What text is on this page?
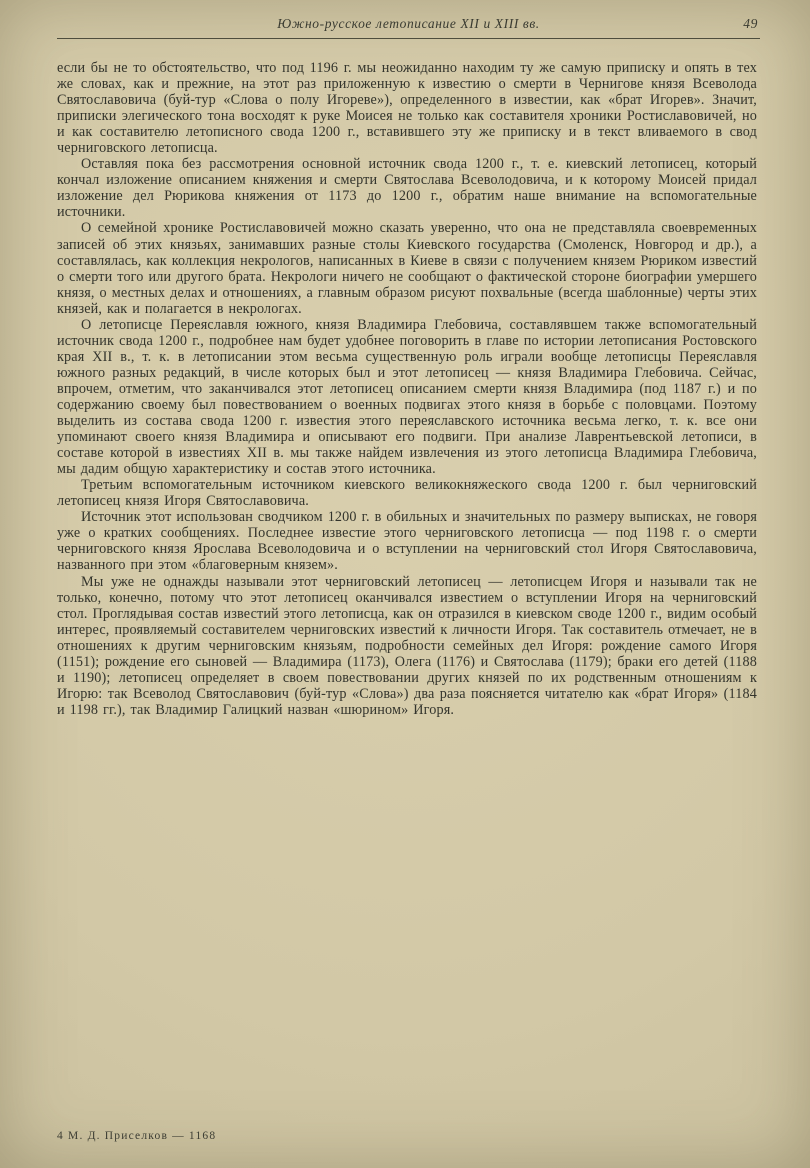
Южно-русское летописание XII и XIII вв.	49

если бы не то обстоятельство, что под 1196 г. мы неожиданно находим ту же самую приписку и опять в тех же словах, как и прежние, на этот раз приложенную к известию о смерти в Чернигове князя Всеволода Святославовича (буй-тур «Слова о полу Игореве»), определенного в известии, как «брат Игорев». Значит, приписки элегического тона восходят к руке Моисея не только как составителя хроники Ростиславовичей, но и как составителю летописного свода 1200 г., вставившего эту же приписку и в текст вливаемого в свод черниговского летописца.

Оставляя пока без рассмотрения основной источник свода 1200 г., т. е. киевский летописец, который кончал изложение описанием княжения и смерти Святослава Всеволодовича, и к которому Моисей придал изложение дел Рюрикова княжения от 1173 до 1200 г., обратим наше внимание на вспомогательные источники.

О семейной хронике Ростиславовичей можно сказать уверенно, что она не представляла своевременных записей об этих князьях, занимавших разные столы Киевского государства (Смоленск, Новгород и др.), а составлялась, как коллекция некрологов, написанных в Киеве в связи с получением князем Рюриком известий о смерти того или другого брата. Некрологи ничего не сообщают о фактической стороне биографии умершего князя, о местных делах и отношениях, а главным образом рисуют похвальные (всегда шаблонные) черты этих князей, как и полагается в некрологах.

О летописце Переяславля южного, князя Владимира Глебовича, составлявшем также вспомогательный источник свода 1200 г., подробнее нам будет удобнее поговорить в главе по истории летописания Ростовского края XII в., т. к. в летописании этом весьма существенную роль играли вообще летописцы Переяславля южного разных редакций, в числе которых был и этот летописец — князя Владимира Глебовича. Сейчас, впрочем, отметим, что заканчивался этот летописец описанием смерти князя Владимира (под 1187 г.) и по содержанию своему был повествованием о военных подвигах этого князя в борьбе с половцами. Поэтому выделить из состава свода 1200 г. известия этого переяславского источника весьма легко, т. к. все они упоминают своего князя Владимира и описывают его подвиги. При анализе Лаврентьевской летописи, в составе которой в известиях XII в. мы также найдем извлечения из этого летописца Владимира Глебовича, мы дадим общую характеристику и состав этого источника.

Третьим вспомогательным источником киевского великокняжеского свода 1200 г. был черниговский летописец князя Игоря Святославовича.

Источник этот использован сводчиком 1200 г. в обильных и значительных по размеру выписках, не говоря уже о кратких сообщениях. Последнее известие этого черниговского летописца — под 1198 г. о смерти черниговского князя Ярослава Всеволодовича и о вступлении на черниговский стол Игоря Святославовича, названного при этом «благоверным князем».

Мы уже не однажды называли этот черниговский летописец — летописцем Игоря и называли так не только, конечно, потому что этот летописец оканчивался известием о вступлении Игоря на черниговский стол. Проглядывая состав известий этого летописца, как он отразился в киевском своде 1200 г., видим особый интерес, проявляемый составителем черниговских известий к личности Игоря. Так составитель отмечает, не в отношениях к другим черниговским князьям, подробности семейных дел Игоря: рождение самого Игоря (1151); рождение его сыновей — Владимира (1173), Олега (1176) и Святослава (1179); браки его детей (1188 и 1190); летописец определяет в своем повествовании других князей по их родственным отношениям к Игорю: так Всеволод Святославович (буй-тур «Слова») два раза поясняется читателю как «брат Игоря» (1184 и 1198 гг.), так Владимир Галицкий назван «шюрином» Игоря.

4 М. Д. Приселков — 1168
